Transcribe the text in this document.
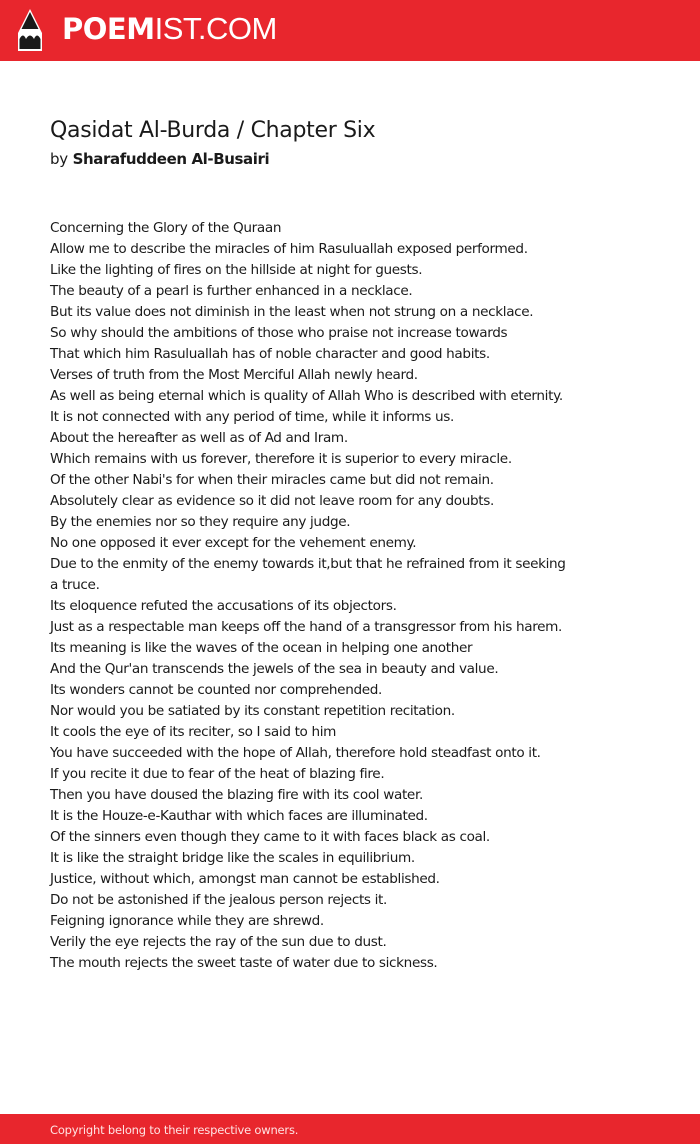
POEMIST.COM
Qasidat Al-Burda / Chapter Six
by Sharafuddeen Al-Busairi
Concerning the Glory of the Quraan
Allow me to describe the miracles of him Rasuluallah exposed performed.
Like the lighting of fires on the hillside at night for guests.
The beauty of a pearl is further enhanced in a necklace.
But its value does not diminish in the least when not strung on a necklace.
So why should the ambitions of those who praise not increase towards
That which him Rasuluallah has of noble character and good habits.
Verses of truth from the Most Merciful Allah newly heard.
As well as being eternal which is quality of Allah Who is described with eternity.
It is not connected with any period of time, while it informs us.
About the hereafter as well as of Ad and Iram.
Which remains with us forever, therefore it is superior to every miracle.
Of the other Nabi's for when their miracles came but did not remain.
Absolutely clear as evidence so it did not leave room for any doubts.
By the enemies nor so they require any judge.
No one opposed it ever except for the vehement enemy.
Due to the enmity of the enemy towards it,but that he refrained from it seeking a truce.
Its eloquence refuted the accusations of its objectors.
Just as a respectable man keeps off the hand of a transgressor from his harem.
Its meaning is like the waves of the ocean in helping one another
And the Qur'an transcends the jewels of the sea in beauty and value.
Its wonders cannot be counted nor comprehended.
Nor would you be satiated by its constant repetition recitation.
It cools the eye of its reciter, so I said to him
You have succeeded with the hope of Allah, therefore hold steadfast onto it.
If you recite it due to fear of the heat of blazing fire.
Then you have doused the blazing fire with its cool water.
It is the Houze-e-Kauthar with which faces are illuminated.
Of the sinners even though they came to it with faces black as coal.
It is like the straight bridge like the scales in equilibrium.
Justice, without which, amongst man cannot be established.
Do not be astonished if the jealous person rejects it.
Feigning ignorance while they are shrewd.
Verily the eye rejects the ray of the sun due to dust.
The mouth rejects the sweet taste of water due to sickness.
Copyright belong to their respective owners.
